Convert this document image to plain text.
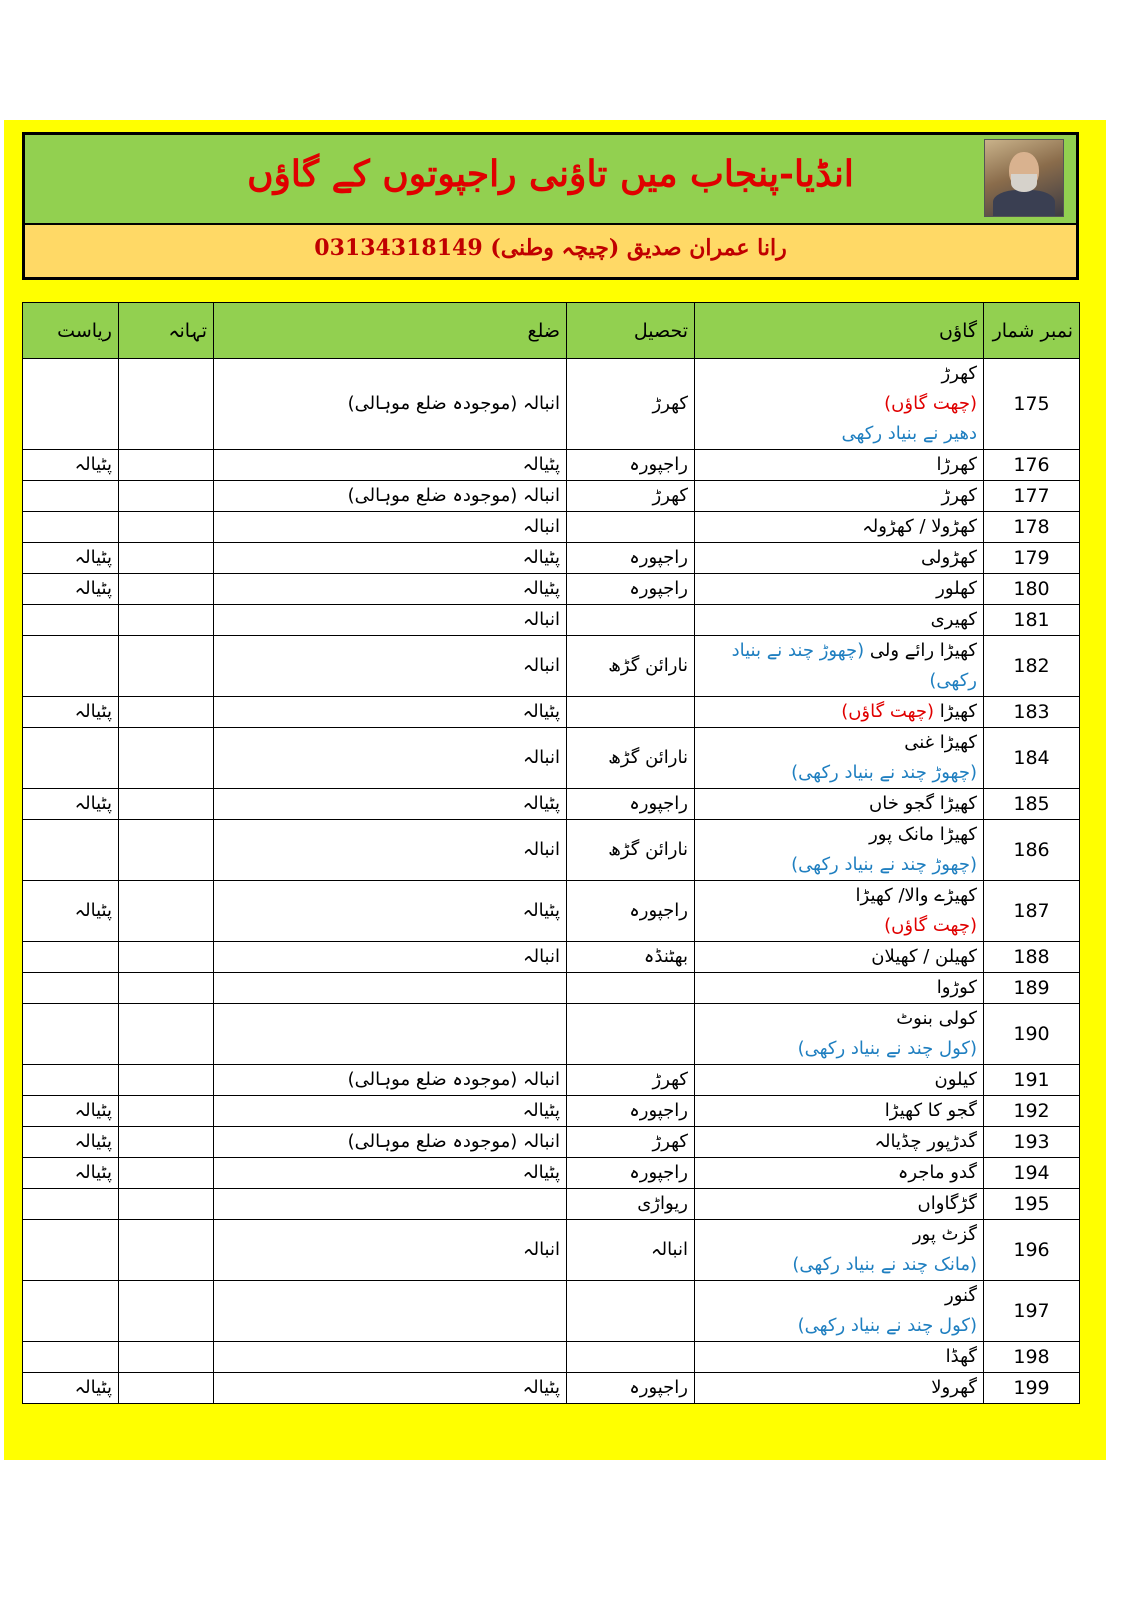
انڈیا-پنجاب میں تاؤنی راجپوتوں کے گاؤں
رانا عمران صدیق (چیچہ وطنی) 03134318149
نمبر شمار	گاؤں	تحصیل	ضلع	تہانہ	ریاست
175	کھرڑ
(چھت گاؤں)
دھیر نے بنیاد رکھی	کھرڑ	انبالہ (موجودہ ضلع موہالی)		
176	کھرڑا	راجپورہ	پٹیالہ		پٹیالہ
177	کھرڑ	کھرڑ	انبالہ (موجودہ ضلع موہالی)		
178	کھڑولا / کھڑولہ		انبالہ		
179	کھڑولی	راجپورہ	پٹیالہ		پٹیالہ
180	کھلور	راجپورہ	پٹیالہ		پٹیالہ
181	کھیری		انبالہ		
182	کھیڑا رائے ولی (چھوڑ چند نے بنیاد رکھی)	نارائن گڑھ	انبالہ		
183	کھیڑا (چھت گاؤں)		پٹیالہ		پٹیالہ
184	کھیڑا غنی
(چھوڑ چند نے بنیاد رکھی)	نارائن گڑھ	انبالہ		
185	کھیڑا گجو خاں	راجپورہ	پٹیالہ		پٹیالہ
186	کھیڑا مانک پور
(چھوڑ چند نے بنیاد رکھی)	نارائن گڑھ	انبالہ		
187	کھیڑے والا/ کھیڑا
(چھت گاؤں)	راجپورہ	پٹیالہ		پٹیالہ
188	کھیلن / کھیلان	بھٹنڈہ	انبالہ		
189	کوڑوا				

190	کولی بنوٹ
(کول چند نے بنیاد رکھی)				

191	کیلون	کھرڑ	انبالہ (موجودہ ضلع موہالی)		
192	گجو کا کھیڑا	راجپورہ	پٹیالہ		پٹیالہ
193	گدڑپور چڈیالہ	کھرڑ	انبالہ (موجودہ ضلع موہالی)		پٹیالہ
194	گدو ماجرہ	راجپورہ	پٹیالہ		پٹیالہ
195	گڑگاواں	ریواڑی			
196	گزٹ پور
(مانک چند نے بنیاد رکھی)	انبالہ	انبالہ		
197	گنور
(کول چند نے بنیاد رکھی)				

198	گھڈا				

199	گھرولا	راجپورہ	پٹیالہ		پٹیالہ
